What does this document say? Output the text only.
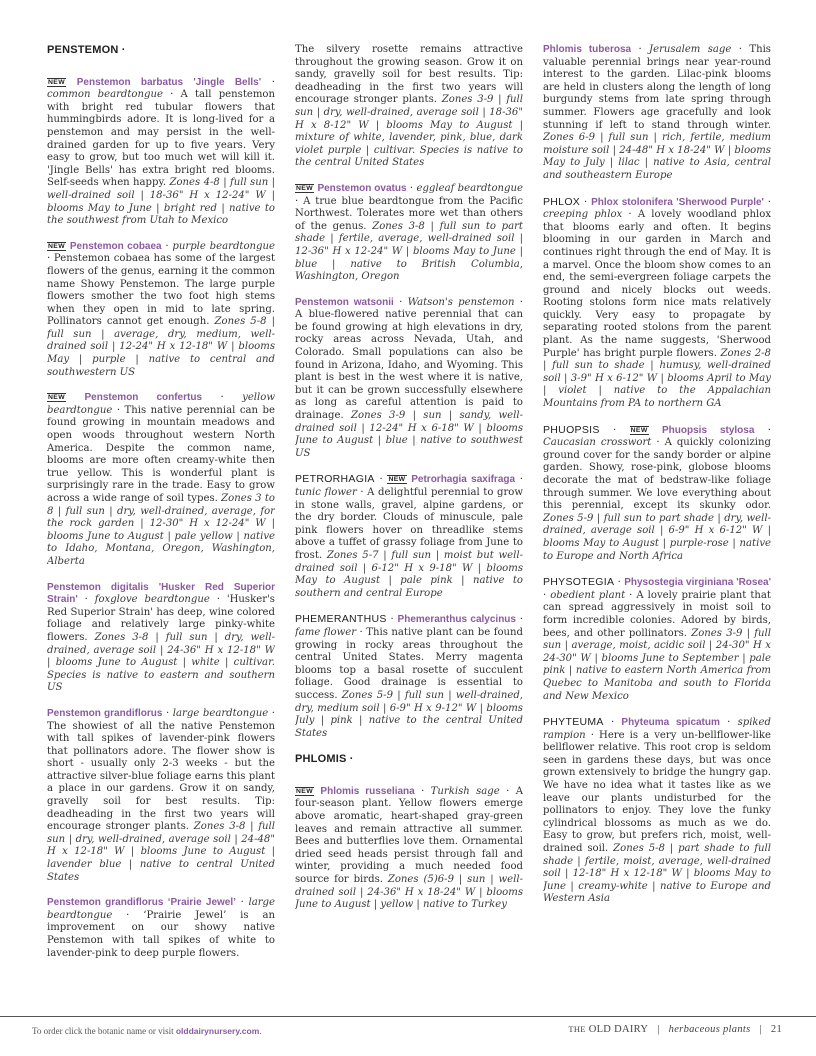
PENSTEMON ·
NEW Penstemon barbatus 'Jingle Bells' · common beardtongue · A tall penstemon with bright red tubular flowers that hummingbirds adore. It is long-lived for a penstemon and may persist in the well-drained garden for up to five years. Very easy to grow, but too much wet will kill it. 'Jingle Bells' has extra bright red blooms. Self-seeds when happy. Zones 4-8 | full sun | well-drained soil | 18-36" H x 12-24" W | blooms May to June | bright red | native to the southwest from Utah to Mexico
NEW Penstemon cobaea · purple beardtongue · Penstemon cobaea has some of the largest flowers of the genus, earning it the common name Showy Penstemon. The large purple flowers smother the two foot high stems when they open in mid to late spring. Pollinators cannot get enough. Zones 5-8 | full sun | average, dry, medium, well-drained soil | 12-24" H x 12-18" W | blooms May | purple | native to central and southwestern US
NEW Penstemon confertus · yellow beardtongue · This native perennial can be found growing in mountain meadows and open woods throughout western North America. Despite the common name, blooms are more often creamy-white then true yellow. This is wonderful plant is surprisingly rare in the trade. Easy to grow across a wide range of soil types. Zones 3 to 8 | full sun | dry, well-drained, average, for the rock garden | 12-30" H x 12-24" W | blooms June to August | pale yellow | native to Idaho, Montana, Oregon, Washington, Alberta
Penstemon digitalis 'Husker Red Superior Strain' · foxglove beardtongue · 'Husker's Red Superior Strain' has deep, wine colored foliage and relatively large pinky-white flowers. Zones 3-8 | full sun | dry, well-drained, average soil | 24-36" H x 12-18" W | blooms June to August | white | cultivar. Species is native to eastern and southern US
Penstemon grandiflorus · large beardtongue · The showiest of all the native Penstemon with tall spikes of lavender-pink flowers that pollinators adore. The flower show is short - usually only 2-3 weeks - but the attractive silver-blue foliage earns this plant a place in our gardens. Grow it on sandy, gravelly soil for best results. Tip: deadheading in the first two years will encourage stronger plants. Zones 3-8 | full sun | dry, well-drained, average soil | 24-48" H x 12-18" W | blooms June to August | lavender blue | native to central United States
Penstemon grandiflorus ‘Prairie Jewel’ · large beardtongue · ‘Prairie Jewel’ is an improvement on our showy native Penstemon with tall spikes of white to lavender-pink to deep purple flowers.
The silvery rosette remains attractive throughout the growing season. Grow it on sandy, gravelly soil for best results. Tip: deadheading in the first two years will encourage stronger plants. Zones 3-9 | full sun | dry, well-drained, average soil | 18-36" H x 8-12" W | blooms May to August | mixture of white, lavender, pink, blue, dark violet purple | cultivar. Species is native to the central United States
NEW Penstemon ovatus · eggleaf beardtongue · A true blue beardtongue from the Pacific Northwest. Tolerates more wet than others of the genus. Zones 3-8 | full sun to part shade | fertile, average, well-drained soil | 12-36" H x 12-24" W | blooms May to June | blue | native to British Columbia, Washington, Oregon
Penstemon watsonii · Watson's penstemon · A blue-flowered native perennial that can be found growing at high elevations in dry, rocky areas across Nevada, Utah, and Colorado. Small populations can also be found in Arizona, Idaho, and Wyoming. This plant is best in the west where it is native, but it can be grown successfully elsewhere as long as careful attention is paid to drainage. Zones 3-9 | sun | sandy, well-drained soil | 12-24" H x 6-18" W | blooms June to August | blue | native to southwest US
PETRORHAGIA · NEW Petrorhagia saxifraga · tunic flower · A delightful perennial to grow in stone walls, gravel, alpine gardens, or the dry border. Clouds of minuscule, pale pink flowers hover on threadlike stems above a tuffet of grassy foliage from June to frost. Zones 5-7 | full sun | moist but well-drained soil | 6-12" H x 9-18" W | blooms May to August | pale pink | native to southern and central Europe
PHEMERANTHUS · Phemeranthus calycinus · fame flower · This native plant can be found growing in rocky areas throughout the central United States. Merry magenta blooms top a basal rosette of succulent foliage. Good drainage is essential to success. Zones 5-9 | full sun | well-drained, dry, medium soil | 6-9" H x 9-12" W | blooms July | pink | native to the central United States
PHLOMIS ·
NEW Phlomis russeliana · Turkish sage · A four-season plant. Yellow flowers emerge above aromatic, heart-shaped gray-green leaves and remain attractive all summer. Bees and butterflies love them. Ornamental dried seed heads persist through fall and winter, providing a much needed food source for birds. Zones (5)6-9 | sun | well-drained soil | 24-36" H x 18-24" W | blooms June to August | yellow | native to Turkey
Phlomis tuberosa · Jerusalem sage · This valuable perennial brings near year-round interest to the garden. Lilac-pink blooms are held in clusters along the length of long burgundy stems from late spring through summer. Flowers age gracefully and look stunning if left to stand through winter. Zones 6-9 | full sun | rich, fertile, medium moisture soil | 24-48" H x 18-24" W | blooms May to July | lilac | native to Asia, central and southeastern Europe
PHLOX · Phlox stolonifera 'Sherwood Purple' · creeping phlox · A lovely woodland phlox that blooms early and often. It begins blooming in our garden in March and continues right through the end of May. It is a marvel. Once the bloom show comes to an end, the semi-evergreen foliage carpets the ground and nicely blocks out weeds. Rooting stolons form nice mats relatively quickly. Very easy to propagate by separating rooted stolons from the parent plant. As the name suggests, 'Sherwood Purple' has bright purple flowers. Zones 2-8 | full sun to shade | humusy, well-drained soil | 3-9" H x 6-12" W | blooms April to May | violet | native to the Appalachian Mountains from PA to northern GA
PHUOPSIS · NEW Phuopsis stylosa · Caucasian crosswort · A quickly colonizing ground cover for the sandy border or alpine garden. Showy, rose-pink, globose blooms decorate the mat of bedstraw-like foliage through summer. We love everything about this perennial, except its skunky odor. Zones 5-9 | full sun to part shade | dry, well-drained, average soil | 6-9" H x 6-12" W | blooms May to August | purple-rose | native to Europe and North Africa
PHYSOTEGIA · Physostegia virginiana 'Rosea' · obedient plant · A lovely prairie plant that can spread aggressively in moist soil to form incredible colonies. Adored by birds, bees, and other pollinators. Zones 3-9 | full sun | average, moist, acidic soil | 24-30" H x 24-30" W | blooms June to September | pale pink | native to eastern North America from Quebec to Manitoba and south to Florida and New Mexico
PHYTEUMA · Phyteuma spicatum · spiked rampion · Here is a very un-bellflower-like bellflower relative. This root crop is seldom seen in gardens these days, but was once grown extensively to bridge the hungry gap. We have no idea what it tastes like as we leave our plants undisturbed for the pollinators to enjoy. They love the funky cylindrical blossoms as much as we do. Easy to grow, but prefers rich, moist, well-drained soil. Zones 5-8 | part shade to full shade | fertile, moist, average, well-drained soil | 12-18" H x 12-18" W | blooms May to June | creamy-white | native to Europe and Western Asia
To order click the botanic name or visit olddairynursery.com.	THE OLD DAIRY | herbaceous plants | 21
